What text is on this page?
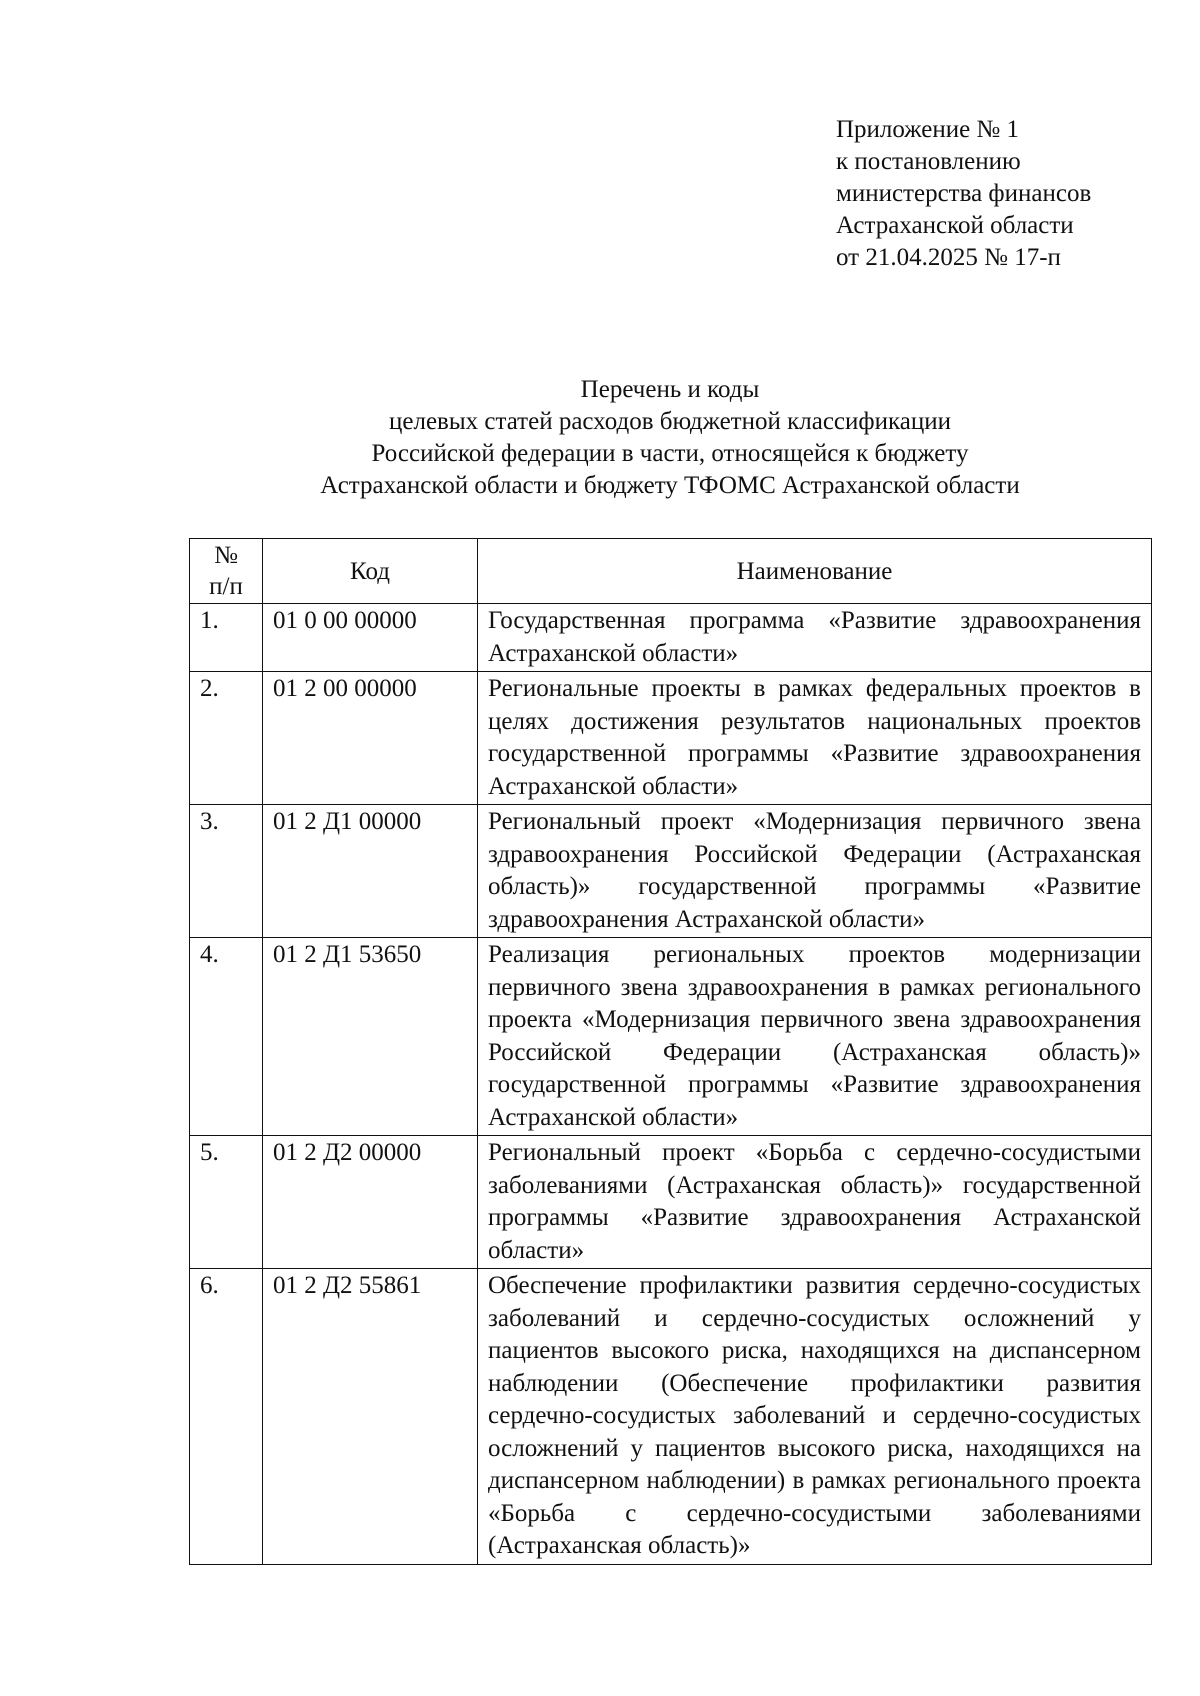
Приложение № 1
к постановлению
министерства финансов
Астраханской области
от 21.04.2025 № 17-п
Перечень и коды
целевых статей расходов бюджетной классификации
Российской федерации в части, относящейся к бюджету
Астраханской области и бюджету ТФОМС Астраханской области
№
п/п	Код	Наименование
1.	01 0 00 00000	Государственная программа «Развитие здравоохранения Астраханской области»
2.	01 2 00 00000	Региональные проекты в рамках федеральных проектов в целях достижения результатов национальных проектов государственной программы «Развитие здравоохранения Астраханской области»
3.	01 2 Д1 00000	Региональный проект «Модернизация первичного звена здравоохранения Российской Федерации (Астраханская область)» государственной программы «Развитие здравоохранения Астраханской области»
4.	01 2 Д1 53650	Реализация региональных проектов модернизации первичного звена здравоохранения в рамках регионального проекта «Модернизация первичного звена здравоохранения Российской Федерации (Астраханская область)» государственной программы «Развитие здравоохранения Астраханской области»
5.	01 2 Д2 00000	Региональный проект «Борьба с сердечно-сосудистыми заболеваниями (Астраханская область)» государственной программы «Развитие здравоохранения Астраханской области»
6.	01 2 Д2 55861	Обеспечение профилактики развития сердечно-сосудистых заболеваний и сердечно-сосудистых осложнений у пациентов высокого риска, находящихся на диспансерном наблюдении (Обеспечение профилактики развития сердечно-сосудистых заболеваний и сердечно-сосудистых осложнений у пациентов высокого риска, находящихся на диспансерном наблюдении) в рамках регионального проекта «Борьба с сердечно-сосудистыми заболеваниями (Астраханская область)»
